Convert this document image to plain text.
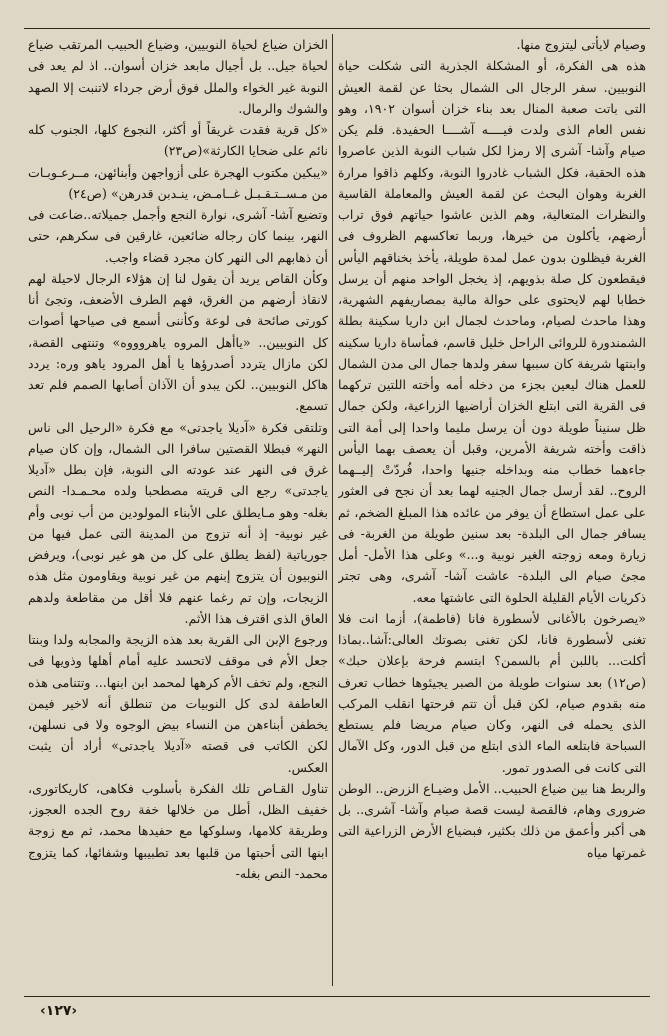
وصيام لايأتى ليتزوج منها.

هذه هى الفكرة، أو المشكلة الجذرية التى شكلت حياة النوبيين. سفر الرجال الى الشمال بحثا عن لقمة العيش التى باتت صعبة المنال بعد بناء خزان أسوان ١٩٠٢، وهو نفس العام الذى ولدت فيــــه آشــــا الحفيدة. فلم يكن صيام وآشا- آشرى إلا رمزا لكل شباب النوبة الذين عاصروا هذه الحقبة، فكل الشباب غادروا النوبة، وكلهم ذاقوا مرارة الغربة وهوان البحث عن لقمة العيش والمعاملة القاسية والنظرات المتعالية، وهم الذين عاشوا حياتهم فوق تراب أرضهم، يأكلون من خيرها، وربما تعاكسهم الظروف فى الغربة فيظلون بدون عمل لمدة طويلة، يأخذ بخناقهم اليأس فيقطعون كل صلة بذويهم، إذ يخجل الواحد منهم أن يرسل خطابا لهم لايحتوى على حوالة مالية بمصاريفهم الشهرية، وهذا ماحدث لصيام، وماحدث لجمال ابن داريا سكينة بطلة الشمندورة للروائى الراحل خليل قاسم، فمأساة داريا سكينه وابنتها شريفة كان سببها سفر ولدها جمال الى مدن الشمال للعمل هناك ليعين بجزء من دخله أمه وأخته اللتين تركهما فى القرية التى ابتلع الخزان أراضيها الزراعية، ولكن جمال ظل سنيناً طويلة دون أن يرسل مليما واحدا إلى أمة التى ذاقت وأخته شريفة الأمرين، وقبل أن يعصف بهما اليأس جاءهما خطاب منه وبداخله جنيها واحدا، فُردّتْ إليــهما الروح.. لقد أرسل جمال الجنيه لهما بعد أن نجح فى العثور على عمل استطاع أن يوفر من عائده هذا المبلغ الضخم، ثم يسافر جمال الى البلدة- بعد سنين طويلة من الغربة- فى زيارة ومعه زوجته الغير نوبية و...» وعلى هذا الأمل- أمل مجئ صيام الى البلدة- عاشت آشا- آشرى، وهى تجتر ذكريات الأيام القليلة الحلوة التى عاشتها معه.

«يصرخون بالأغانى لأسطورة فانا (فاطمة)، أزما انت فلا تغنى لأسطورة فانا، لكن تغنى بصوتك العالى:آشا..بماذا أكلت... باللبن أم بالسمن؟ ابتسم فرحة بإعلان حبك» (ص١٢) بعد سنوات طويلة من الصبر يجيئوها خطاب تعرف منه بقدوم صيام، لكن قبل أن تتم فرحتها انقلب المركب الذى يحمله فى النهر، وكان صيام مريضا فلم يستطع السباحة فابتلعه الماء الذى ابتلع من قبل الدور، وكل الآمال التى كانت فى الصدور تمور.

والربط هنا بين ضياع الحبيب.. الأمل وضيـاع الزرض.. الوطن ضرورى وهام، فالقصة ليست قصة صيام وآشا- آشرى.. بل هى أكبر وأعمق من ذلك بكثير، فبضياع الأرض الزراعية التى غمرتها مياه

الخزان ضياع لحياة النوبيين، وضياع الحبيب المرتقب ضياع لحياة جيل.. بل أجيال مابعد خزان أسوان.. اذ لم يعد فى النوبة غير الخواء والملل فوق أرض جرداء لاتنبت إلا الصهد والشوك والرمال.

«كل قرية فقدت غريقاً أو أكثر، النجوع كلها، الجنوب كله نائم على ضحايا الكارثة»(ص٢٣)

«يبكين مكتوب الهجرة على أزواجهن وأبنائهن، مــرعـوبـات من مـســتـقـبـل غــامـض، ينـدبن قدرهن» (ص٢٤)

وتضيع آشا- آشرى، نوارة النجع وأجمل جميلاته..ضاعت فى النهر، بينما كان رجاله ضائعين، غارقين فى سكرهم، حتى أن ذهابهم الى النهر كان مجرد قضاء واجب.

وكأن القاص يريد أن يقول لنا إن هؤلاء الرجال لاحيلة لهم لانقاذ أرضهم من الغرق، فهم الطرف الأضعف، وتجئ أنا كورتى صائحة فى لوعة وكأننى أسمع فى صياحها أصوات كل النوبيين.. «ياأهل المروه ياهروووه» وتنتهى القصة، لكن مازال يتردد أصدرؤها يا أهل المرود ياهو وره: يردد هاكل النوبيين.. لكن يبدو أن الآذان أصابها الصمم فلم تعد تسمع.

وتلتقى فكرة «آديلا ياجدتى» مع فكرة «الرحيل الى ناس النهر» فبطلا القصتين سافرا الى الشمال، وإن كان صيام غرق فى النهر عند عودته الى النوبة، فإن بطل «آديلا ياجدتى» رجع الى قريته مصطحبا ولده محـمـدا- النص بغله- وهو مـايطلق على الأبناء المولودين من أب نوبى وأم غير نوبية- إذ أنه تزوج من المدينة التى عمل فيها من جورياتية (لفظ يطلق على كل من هو غير نوبى)، ويرفض النوبيون أن يتزوج إبنهم من غير نوبية ويقاومون مثل هذه الزيجات، وإن تم رغما عنهم فلا أقل من مقاطعة ولدهم العاق الذى اقترف هذا الأثم.

ورجوع الإبن الى القرية بعد هذه الزيجة والمجابه ولدا وبنتا جعل الأم فى موقف لاتحسد عليه أمام أهلها وذويها فى النجع، ولم تخف الأم كرهها لمحمد ابن ابنها... وتتنامى هذه العاطفة لدى كل النوبيات من تنطلق أنه لاخير فيمن يخطفن أبناءهن من النساء بيض الوجوه ولا فى نسلهن، لكن الكاتب فى قصته «آديلا ياجدتى» أراد أن يثبت العكس.

تناول القـاص تلك الفكرة بأسلوب فكاهى، كاريكاتورى، خفيف الظل، أطل من خلالها خفة روح الجده العجوز، وطريقة كلامها، وسلوكها مع حفيدها محمد، ثم مع زوجة ابنها التى أحبتها من قلبها بعد تطبيبها وشفائها، كما يتزوج محمد- النص بغله-

‹١٢٧›
